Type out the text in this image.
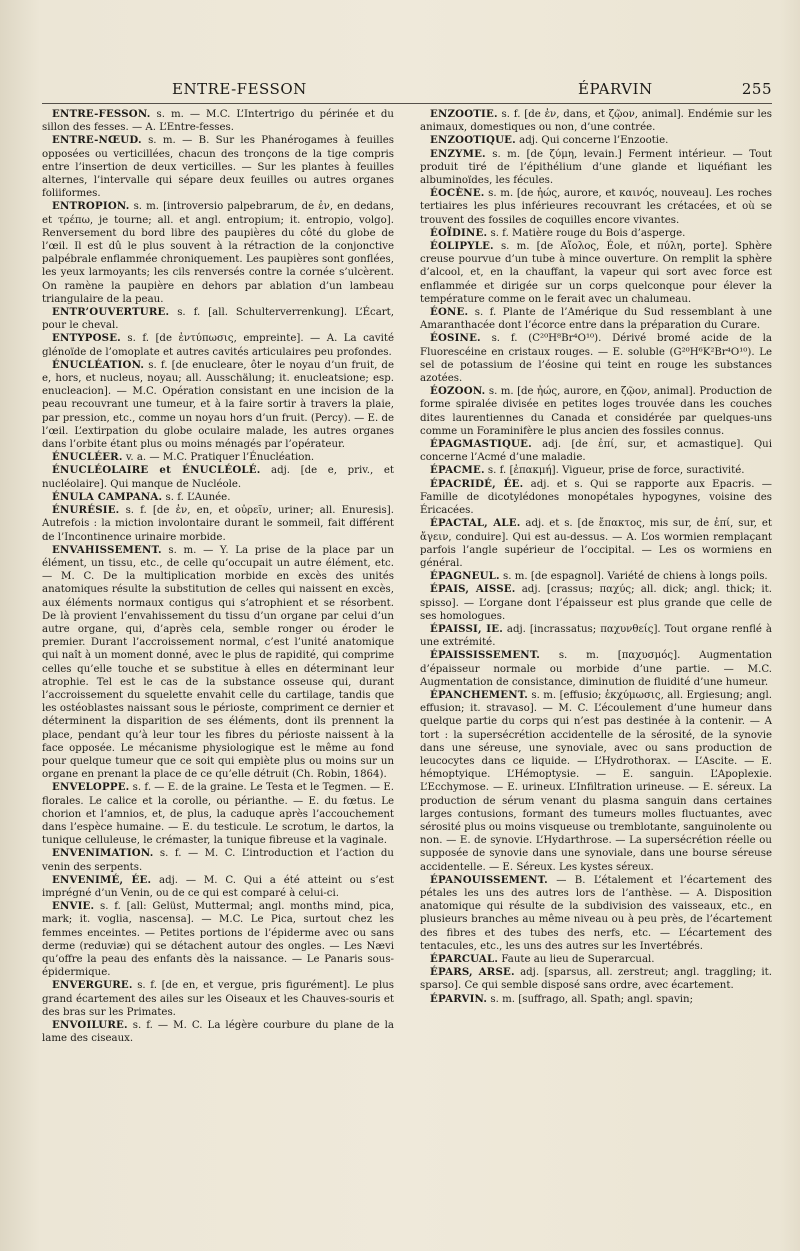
ENTRE-FESSON	ÉPARVIN	255

ENTRE-FESSON. s. m. — M.C. L’Intertrigo du périnée et du sillon des fesses. — A. L’Entre-fesses.

ENTRE-NŒUD. s. m. — B. Sur les Phanérogames à feuilles opposées ou verticillées, chacun des tronçons de la tige compris entre l’insertion de deux verticilles. — Sur les plantes à feuilles alternes, l’intervalle qui sépare deux feuilles ou autres organes foliiformes.

ENTROPION. s. m. [introversio palpebrarum, de ἐν, en dedans, et τρέπω, je tourne; all. et angl. entropium; it. entropio, volgo]. Renversement du bord libre des paupières du côté du globe de l’œil. Il est dû le plus souvent à la rétraction de la conjonctive palpébrale enflammée chroniquement. Les paupières sont gonflées, les yeux larmoyants; les cils renversés contre la cornée s’ulcèrent. On ramène la paupière en dehors par ablation d’un lambeau triangulaire de la peau.

ENTR’OUVERTURE. s. f. [all. Schulterverrenkung]. L’Écart, pour le cheval.

ENTYPOSE. s. f. [de ἐντύπωσις, empreinte]. — A. La cavité glénoïde de l’omoplate et autres cavités articulaires peu profondes.

ÉNUCLÉATION. s. f. [de enucleare, ôter le noyau d’un fruit, de e, hors, et nucleus, noyau; all. Ausschälung; it. enucleatsione; esp. enucleacion]. — M.C. Opération consistant en une incision de la peau recouvrant une tumeur, et à la faire sortir à travers la plaie, par pression, etc., comme un noyau hors d’un fruit. (Percy). — E. de l’œil. L’extirpation du globe oculaire malade, les autres organes dans l’orbite étant plus ou moins ménagés par l’opérateur.

ÉNUCLÉER. v. a. — M.C. Pratiquer l’Énucléation.

ÉNUCLÉOLAIRE et ÉNUCLÉOLÉ. adj. [de e, priv., et nucléolaire]. Qui manque de Nucléole.

ÉNULA CAMPANA. s. f. L’Aunée.

ÉNURÉSIE. s. f. [de ἐν, en, et οὐρεῖν, uriner; all. Enuresis]. Autrefois : la miction involontaire durant le sommeil, fait différent de l’Incontinence urinaire morbide.

ENVAHISSEMENT. s. m. — Y. La prise de la place par un élément, un tissu, etc., de celle qu’occupait un autre élément, etc. — M. C. De la multiplication morbide en excès des unités anatomiques résulte la substitution de celles qui naissent en excès, aux éléments normaux contigus qui s’atrophient et se résorbent. De là provient l’envahissement du tissu d’un organe par celui d’un autre organe, qui, d’après cela, semble ronger ou éroder le premier. Durant l’accroissement normal, c’est l’unité anatomique qui naît à un moment donné, avec le plus de rapidité, qui comprime celles qu’elle touche et se substitue à elles en déterminant leur atrophie. Tel est le cas de la substance osseuse qui, durant l’accroissement du squelette envahit celle du cartilage, tandis que les ostéoblastes naissant sous le périoste, compriment ce dernier et déterminent la disparition de ses éléments, dont ils prennent la place, pendant qu’à leur tour les fibres du périoste naissent à la face opposée. Le mécanisme physiologique est le même au fond pour quelque tumeur que ce soit qui empiète plus ou moins sur un organe en prenant la place de ce qu’elle détruit (Ch. Robin, 1864).

ENVELOPPE. s. f. — E. de la graine. Le Testa et le Tegmen. — E. florales. Le calice et la corolle, ou périanthe. — E. du fœtus. Le chorion et l’amnios, et, de plus, la caduque après l’accouchement dans l’espèce humaine. — E. du testicule. Le scrotum, le dartos, la tunique celluleuse, le crémaster, la tunique fibreuse et la vaginale.

ENVENIMATION. s. f. — M. C. L’introduction et l’action du venin des serpents.

ENVENIMÉ, ÉE. adj. — M. C. Qui a été atteint ou s’est imprégné d’un Venin, ou de ce qui est comparé à celui-ci.

ENVIE. s. f. [all: Gelüst, Muttermal; angl. months mind, pica, mark; it. voglia, nascensa]. — M.C. Le Pica, surtout chez les femmes enceintes. — Petites portions de l’épiderme avec ou sans derme (reduviæ) qui se détachent autour des ongles. — Les Nævi qu’offre la peau des enfants dès la naissance. — Le Panaris sous-épidermique.

ENVERGURE. s. f. [de en, et vergue, pris figurément]. Le plus grand écartement des ailes sur les Oiseaux et les Chauves-souris et des bras sur les Primates.

ENVOILURE. s. f. — M. C. La légère courbure du plane de la lame des ciseaux.

ENZOOTIE. s. f. [de ἐν, dans, et ζῷον, animal]. Endémie sur les animaux, domestiques ou non, d’une contrée.

ENZOOTIQUE. adj. Qui concerne l’Enzootie.

ENZYME. s. m. [de ζύμη, levain.] Ferment intérieur. — Tout produit tiré de l’épithélium d’une glande et liquéfiant les albuminoïdes, les fécules.

ÉOCÈNE. s. m. [de ἠώς, aurore, et καινός, nouveau]. Les roches tertiaires les plus inférieures recouvrant les crétacées, et où se trouvent des fossiles de coquilles encore vivantes.

ÉOÏDINE. s. f. Matière rouge du Bois d’asperge.

ÉOLIPYLE. s. m. [de Αἴολος, Éole, et πύλη, porte]. Sphère creuse pourvue d’un tube à mince ouverture. On remplit la sphère d’alcool, et, en la chauffant, la vapeur qui sort avec force est enflammée et dirigée sur un corps quelconque pour élever la température comme on le ferait avec un chalumeau.

ÉONE. s. f. Plante de l’Amérique du Sud ressemblant à une Amaranthacée dont l’écorce entre dans la préparation du Curare.

ÉOSINE. s. f. (C²⁰H⁸Br⁴O¹⁰). Dérivé bromé acide de la Fluorescéine en cristaux rouges. — E. soluble (G²⁰H⁶K²Br⁴O¹⁰). Le sel de potassium de l’éosine qui teint en rouge les substances azotées.

ÉOZOON. s. m. [de ἠώς, aurore, en ζῷον, animal]. Production de forme spiralée divisée en petites loges trouvée dans les couches dites laurentiennes du Canada et considérée par quelques-uns comme un Foraminifère le plus ancien des fossiles connus.

ÉPAGMASTIQUE. adj. [de ἐπί, sur, et acmastique]. Qui concerne l’Acmé d’une maladie.

ÉPACME. s. f. [ἐπακμή]. Vigueur, prise de force, suractivité.

ÉPACRIDÉ, ÉE. adj. et s. Qui se rapporte aux Epacris. — Famille de dicotylédones monopétales hypogynes, voisine des Éricacées.

ÉPACTAL, ALE. adj. et s. [de ἔπακτος, mis sur, de ἐπί, sur, et ἄγειν, conduire]. Qui est au-dessus. — A. L’os wormien remplaçant parfois l’angle supérieur de l’occipital. — Les os wormiens en général.

ÉPAGNEUL. s. m. [de espagnol]. Variété de chiens à longs poils.

ÉPAIS, AISSE. adj. [crassus; παχύς; all. dick; angl. thick; it. spisso]. — L’organe dont l’épaisseur est plus grande que celle de ses homologues.

ÉPAISSI, IE. adj. [incrassatus; παχυνθείς]. Tout organe renflé à une extrémité.

ÉPAISSISSEMENT. s. m. [παχυσμός]. Augmentation d’épaisseur normale ou morbide d’une partie. — M.C. Augmentation de consistance, diminution de fluidité d’une humeur.

ÉPANCHEMENT. s. m. [effusio; ἐκχύμωσις, all. Ergiesung; angl. effusion; it. stravaso]. — M. C. L’écoulement d’une humeur dans quelque partie du corps qui n’est pas destinée à la contenir. — A tort : la supersécrétion accidentelle de la sérosité, de la synovie dans une séreuse, une synoviale, avec ou sans production de leucocytes dans ce liquide. — L’Hydrothorax. — L’Ascite. — E. hémoptyique. L’Hémoptysie. — E. sanguin. L’Apoplexie. L’Ecchymose. — E. urineux. L’Infiltration urineuse. — E. séreux. La production de sérum venant du plasma sanguin dans certaines larges contusions, formant des tumeurs molles fluctuantes, avec sérosité plus ou moins visqueuse ou tremblotante, sanguinolente ou non. — E. de synovie. L’Hydarthrose. — La supersécrétion réelle ou supposée de synovie dans une synoviale, dans une bourse séreuse accidentelle. — E. Séreux. Les kystes séreux.

ÉPANOUISSEMENT. — B. L’étalement et l’écartement des pétales les uns des autres lors de l’anthèse. — A. Disposition anatomique qui résulte de la subdivision des vaisseaux, etc., en plusieurs branches au même niveau ou à peu près, de l’écartement des fibres et des tubes des nerfs, etc. — L’écartement des tentacules, etc., les uns des autres sur les Invertébrés.

ÉPARCUAL. Faute au lieu de Superarcual.

ÉPARS, ARSE. adj. [sparsus, all. zerstreut; angl. traggling; it. sparso]. Ce qui semble disposé sans ordre, avec écartement.

ÉPARVIN. s. m. [suffrago, all. Spath; angl. spavin;
